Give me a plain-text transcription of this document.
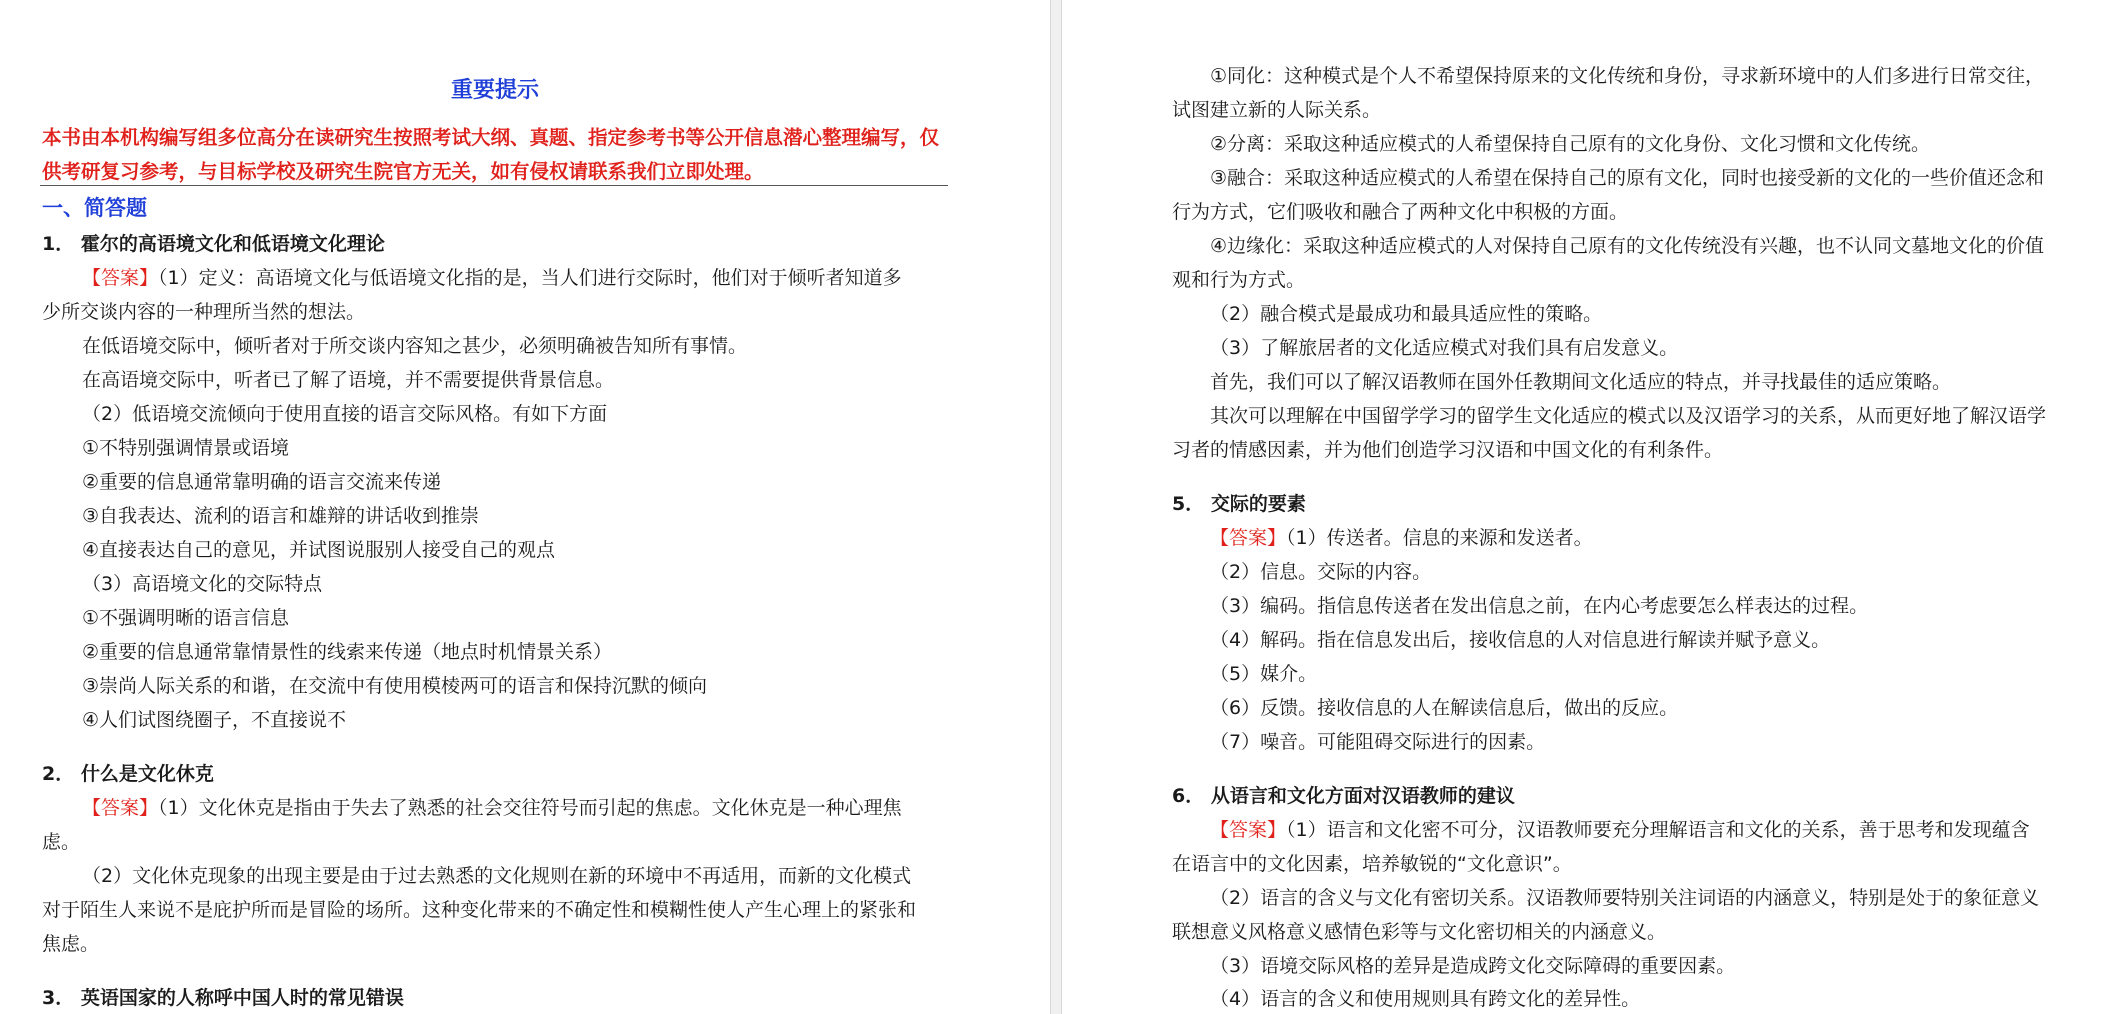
重要提示
本书由本机构编写组多位高分在读研究生按照考试大纲、真题、指定参考书等公开信息潜心整理编写，仅
供考研复习参考，与目标学校及研究生院官方无关，如有侵权请联系我们立即处理。
一、简答题
1． 霍尔的高语境文化和低语境文化理论
【答案】（1）定义：高语境文化与低语境文化指的是，当人们进行交际时，他们对于倾听者知道多
少所交谈内容的一种理所当然的想法。
在低语境交际中，倾听者对于所交谈内容知之甚少，必须明确被告知所有事情。
在高语境交际中，听者已了解了语境，并不需要提供背景信息。
（2）低语境交流倾向于使用直接的语言交际风格。有如下方面
①不特别强调情景或语境
②重要的信息通常靠明确的语言交流来传递
③自我表达、流利的语言和雄辩的讲话收到推崇
④直接表达自己的意见，并试图说服别人接受自己的观点
（3）高语境文化的交际特点
①不强调明晰的语言信息
②重要的信息通常靠情景性的线索来传递（地点时机情景关系）
③崇尚人际关系的和谐，在交流中有使用模棱两可的语言和保持沉默的倾向
④人们试图绕圈子，不直接说不
2． 什么是文化休克
【答案】（1）文化休克是指由于失去了熟悉的社会交往符号而引起的焦虑。文化休克是一种心理焦
虑。
（2）文化休克现象的出现主要是由于过去熟悉的文化规则在新的环境中不再适用，而新的文化模式
对于陌生人来说不是庇护所而是冒险的场所。这种变化带来的不确定性和模糊性使人产生心理上的紧张和
焦虑。
3． 英语国家的人称呼中国人时的常见错误
①同化：这种模式是个人不希望保持原来的文化传统和身份，寻求新环境中的人们多进行日常交往，
试图建立新的人际关系。
②分离：采取这种适应模式的人希望保持自己原有的文化身份、文化习惯和文化传统。
③融合：采取这种适应模式的人希望在保持自己的原有文化，同时也接受新的文化的一些价值还念和
行为方式，它们吸收和融合了两种文化中积极的方面。
④边缘化：采取这种适应模式的人对保持自己原有的文化传统没有兴趣，也不认同文墓地文化的价值
观和行为方式。
（2）融合模式是最成功和最具适应性的策略。
（3）了解旅居者的文化适应模式对我们具有启发意义。
首先，我们可以了解汉语教师在国外任教期间文化适应的特点，并寻找最佳的适应策略。
其次可以理解在中国留学学习的留学生文化适应的模式以及汉语学习的关系，从而更好地了解汉语学
习者的情感因素，并为他们创造学习汉语和中国文化的有利条件。
5． 交际的要素
【答案】（1）传送者。信息的来源和发送者。
（2）信息。交际的内容。
（3）编码。指信息传送者在发出信息之前，在内心考虑要怎么样表达的过程。
（4）解码。指在信息发出后，接收信息的人对信息进行解读并赋予意义。
（5）媒介。
（6）反馈。接收信息的人在解读信息后，做出的反应。
（7）噪音。可能阻碍交际进行的因素。
6． 从语言和文化方面对汉语教师的建议
【答案】（1）语言和文化密不可分，汉语教师要充分理解语言和文化的关系，善于思考和发现蕴含
在语言中的文化因素，培养敏锐的“文化意识”。
（2）语言的含义与文化有密切关系。汉语教师要特别关注词语的内涵意义，特别是处于的象征意义
联想意义风格意义感情色彩等与文化密切相关的内涵意义。
（3）语境交际风格的差异是造成跨文化交际障碍的重要因素。
（4）语言的含义和使用规则具有跨文化的差异性。
